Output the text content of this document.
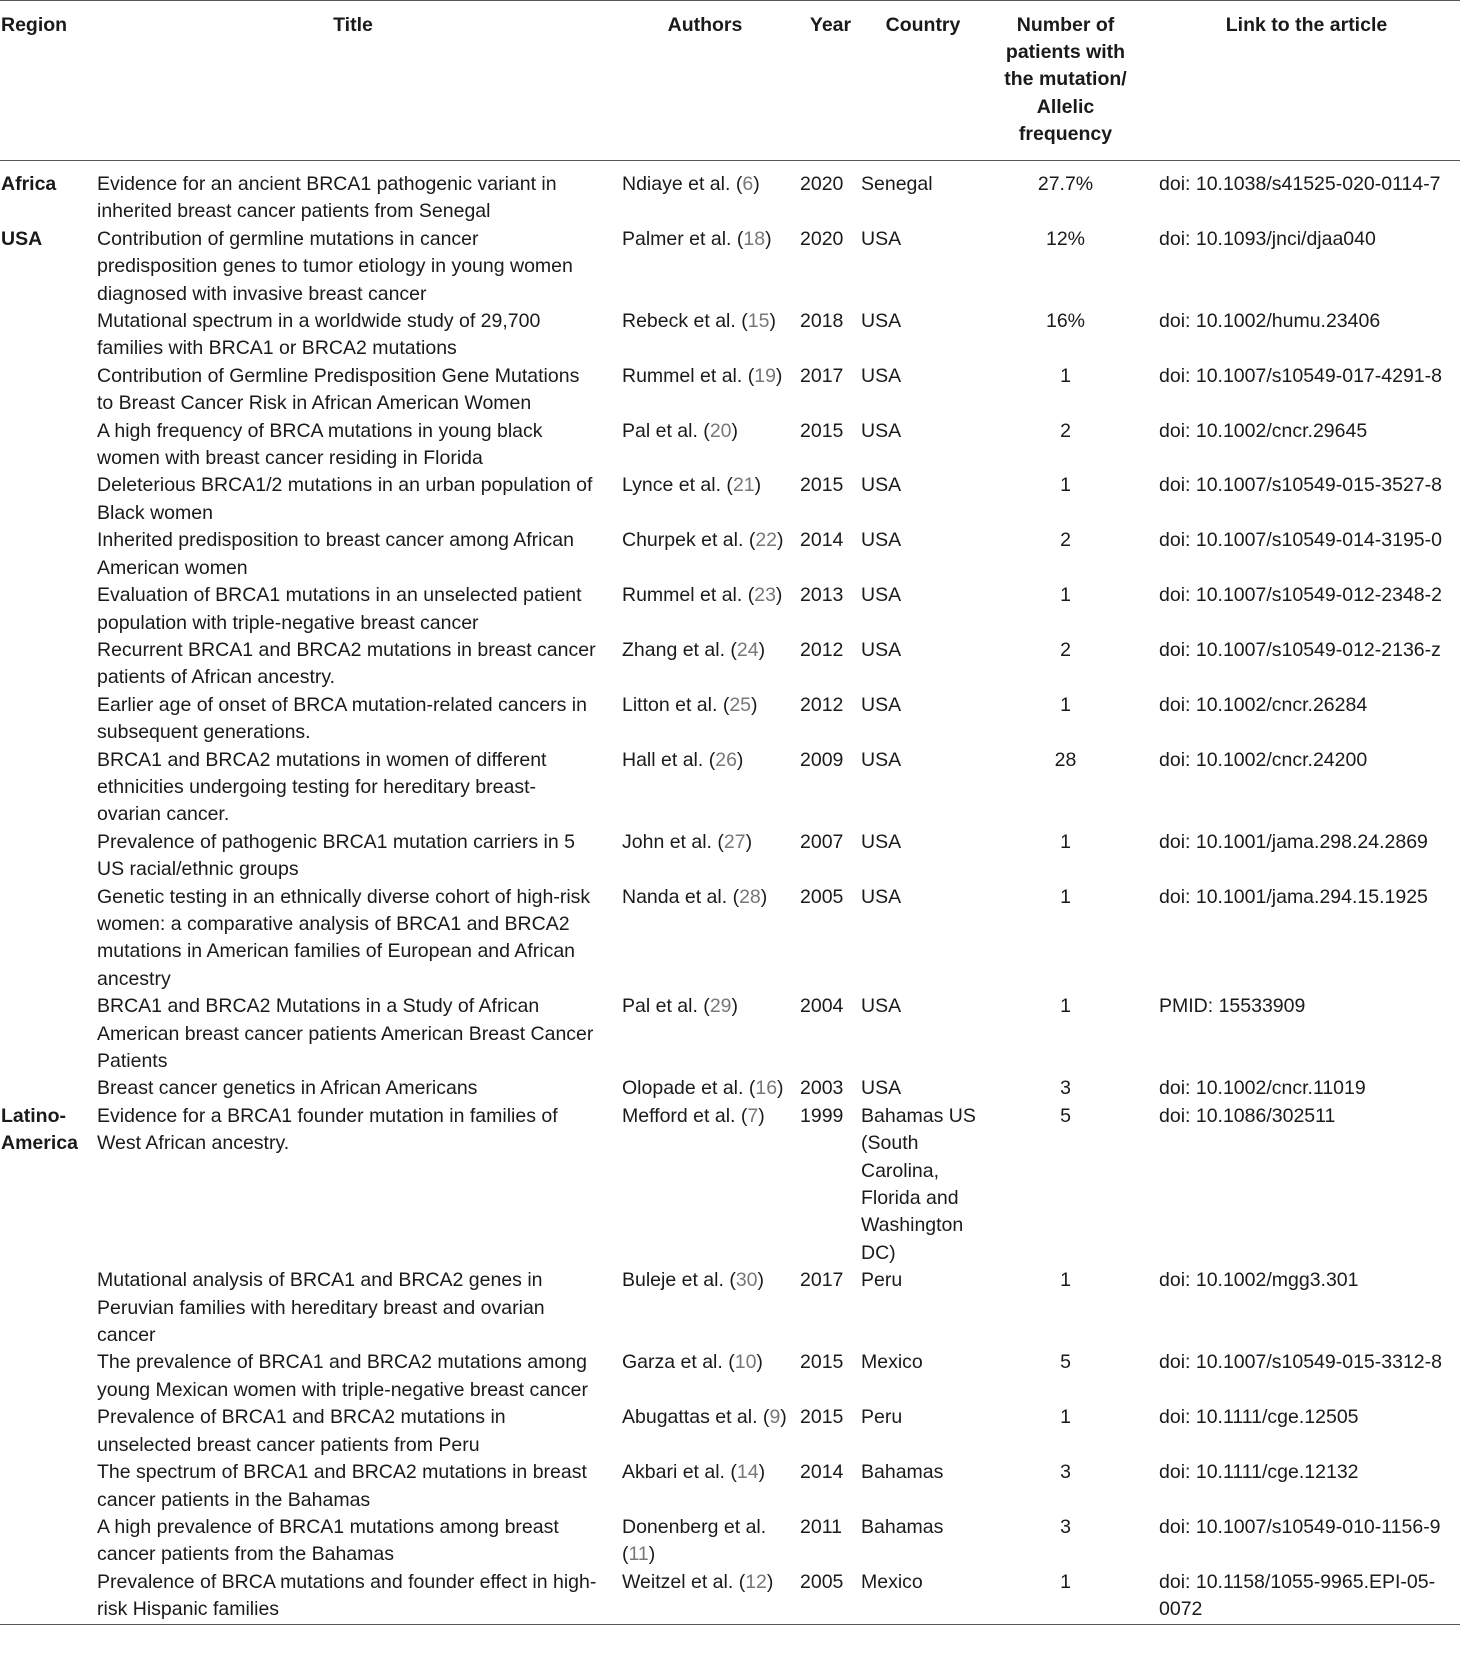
Region	Title	Authors	Year	Country	Number of patients with the mutation/ Allelic frequency	Link to the article
Africa	Evidence for an ancient BRCA1 pathogenic variant in inherited breast cancer patients from Senegal	Ndiaye et al. (6)	2020	Senegal	27.7%	doi: 10.1038/s41525-020-0114-7
USA	Contribution of germline mutations in cancer predisposition genes to tumor etiology in young women diagnosed with invasive breast cancer	Palmer et al. (18)	2020	USA	12%	doi: 10.1093/jnci/djaa040
	Mutational spectrum in a worldwide study of 29,700 families with BRCA1 or BRCA2 mutations	Rebeck et al. (15)	2018	USA	16%	doi: 10.1002/humu.23406
	Contribution of Germline Predisposition Gene Mutations to Breast Cancer Risk in African American Women	Rummel et al. (19)	2017	USA	1	doi: 10.1007/s10549-017-4291-8
	A high frequency of BRCA mutations in young black women with breast cancer residing in Florida	Pal et al. (20)	2015	USA	2	doi: 10.1002/cncr.29645
	Deleterious BRCA1/2 mutations in an urban population of Black women	Lynce et al. (21)	2015	USA	1	doi: 10.1007/s10549-015-3527-8
	Inherited predisposition to breast cancer among African American women	Churpek et al. (22)	2014	USA	2	doi: 10.1007/s10549-014-3195-0
	Evaluation of BRCA1 mutations in an unselected patient population with triple-negative breast cancer	Rummel et al. (23)	2013	USA	1	doi: 10.1007/s10549-012-2348-2
	Recurrent BRCA1 and BRCA2 mutations in breast cancer patients of African ancestry.	Zhang et al. (24)	2012	USA	2	doi: 10.1007/s10549-012-2136-z
	Earlier age of onset of BRCA mutation-related cancers in subsequent generations.	Litton et al. (25)	2012	USA	1	doi: 10.1002/cncr.26284
	BRCA1 and BRCA2 mutations in women of different ethnicities undergoing testing for hereditary breast-ovarian cancer.	Hall et al. (26)	2009	USA	28	doi: 10.1002/cncr.24200
	Prevalence of pathogenic BRCA1 mutation carriers in 5 US racial/ethnic groups	John et al. (27)	2007	USA	1	doi: 10.1001/jama.298.24.2869
	Genetic testing in an ethnically diverse cohort of high-risk women: a comparative analysis of BRCA1 and BRCA2 mutations in American families of European and African ancestry	Nanda et al. (28)	2005	USA	1	doi: 10.1001/jama.294.15.1925
	BRCA1 and BRCA2 Mutations in a Study of African American breast cancer patients American Breast Cancer Patients	Pal et al. (29)	2004	USA	1	PMID: 15533909
	Breast cancer genetics in African Americans	Olopade et al. (16)	2003	USA	3	doi: 10.1002/cncr.11019
Latino-America	Evidence for a BRCA1 founder mutation in families of West African ancestry.	Mefford et al. (7)	1999	Bahamas US (South Carolina, Florida and Washington DC)	5	doi: 10.1086/302511
	Mutational analysis of BRCA1 and BRCA2 genes in Peruvian families with hereditary breast and ovarian cancer	Buleje et al. (30)	2017	Peru	1	doi: 10.1002/mgg3.301
	The prevalence of BRCA1 and BRCA2 mutations among young Mexican women with triple-negative breast cancer	Garza et al. (10)	2015	Mexico	5	doi: 10.1007/s10549-015-3312-8
	Prevalence of BRCA1 and BRCA2 mutations in unselected breast cancer patients from Peru	Abugattas et al. (9)	2015	Peru	1	doi: 10.1111/cge.12505
	The spectrum of BRCA1 and BRCA2 mutations in breast cancer patients in the Bahamas	Akbari et al. (14)	2014	Bahamas	3	doi: 10.1111/cge.12132
	A high prevalence of BRCA1 mutations among breast cancer patients from the Bahamas	Donenberg et al. (11)	2011	Bahamas	3	doi: 10.1007/s10549-010-1156-9
	Prevalence of BRCA mutations and founder effect in high-risk Hispanic families	Weitzel et al. (12)	2005	Mexico	1	doi: 10.1158/1055-9965.EPI-05-0072
